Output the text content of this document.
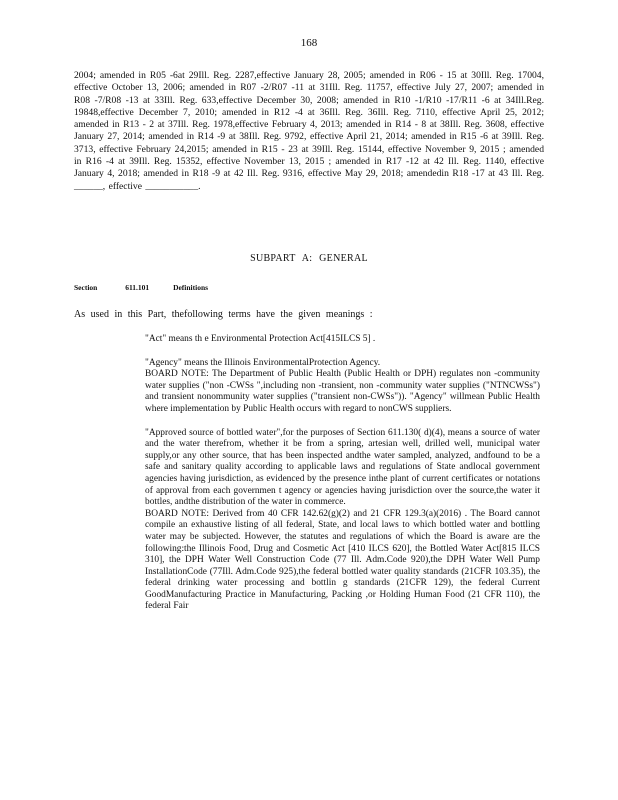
168
2004; amended in R05 -6at 29Ill. Reg. 2287,effective January 28, 2005; amended in R06 - 15 at 30Ill. Reg. 17004, effective October 13, 2006; amended in R07 -2/R07 -11 at 31Ill. Reg. 11757, effective July 27, 2007; amended in R08 -7/R08 -13 at 33Ill. Reg. 633,effective December 30, 2008; amended in R10 -1/R10 -17/R11 -6 at 34Ill.Reg. 19848,effective December 7, 2010; amended in R12 -4 at 36Ill. Reg. 36Ill. Reg. 7110, effective April 25, 2012; amended in R13 - 2 at 37Ill. Reg. 1978,effective February 4, 2013; amended in R14 - 8 at 38Ill. Reg. 3608, effective January 27, 2014; amended in R14 -9 at 38Ill. Reg. 9792, effective April 21, 2014; amended in R15 -6 at 39Ill. Reg. 3713, effective February 24,2015; amended in R15 - 23 at 39Ill. Reg. 15144, effective November 9, 2015 ; amended in R16 -4 at 39Ill. Reg. 15352, effective November 13, 2015 ; amended in R17 -12 at 42 Ill. Reg. 1140, effective January 4, 2018; amended in R18 -9 at 42 Ill. Reg. 9316, effective May 29, 2018; amendedin R18 -17 at 43 Ill. Reg. ______, effective ___________.
SUBPART A: GENERAL
Section	611.101	Definitions
As used in this Part, thefollowing terms have the given meanings :

"Act" means th e Environmental Protection Act[415ILCS 5] .

"Agency" means the Illinois EnvironmentalProtection Agency.

BOARD NOTE: The Department of Public Health (Public Health or DPH) regulates non -community water supplies ("non -CWSs ",including non -transient, non -community water supplies ("NTNCWSs") and transient nonommunity water supplies ("transient non-CWSs")). "Agency" willmean Public Health where implementation by Public Health occurs with regard to nonCWS suppliers.

"Approved source of bottled water",for the purposes of Section 611.130( d)(4), means a source of water and the water therefrom, whether it be from a spring, artesian well, drilled well, municipal water supply,or any other source, that has been inspected andthe water sampled, analyzed, andfound to be a safe and sanitary quality according to applicable laws and regulations of State andlocal government agencies having jurisdiction, as evidenced by the presence inthe plant of current certificates or notations of approval from each governmen t agency or agencies having jurisdiction over the source,the water it bottles, andthe distribution of the water in commerce.

BOARD NOTE: Derived from 40 CFR 142.62(g)(2) and 21 CFR 129.3(a)(2016) . The Board cannot compile an exhaustive listing of all federal, State, and local laws to which bottled water and bottling water may be subjected. However, the statutes and regulations of which the Board is aware are the following:the Illinois Food, Drug and Cosmetic Act [410 ILCS 620], the Bottled Water Act[815 ILCS 310], the DPH Water Well Construction Code (77 Ill. Adm.Code 920),the DPH Water Well Pump InstallationCode (77Ill. Adm.Code 925),the federal bottled water quality standards (21CFR 103.35), the federal drinking water processing and bottlin g standards (21CFR 129), the federal Current GoodManufacturing Practice in Manufacturing, Packing ,or Holding Human Food (21 CFR 110), the federal Fair
